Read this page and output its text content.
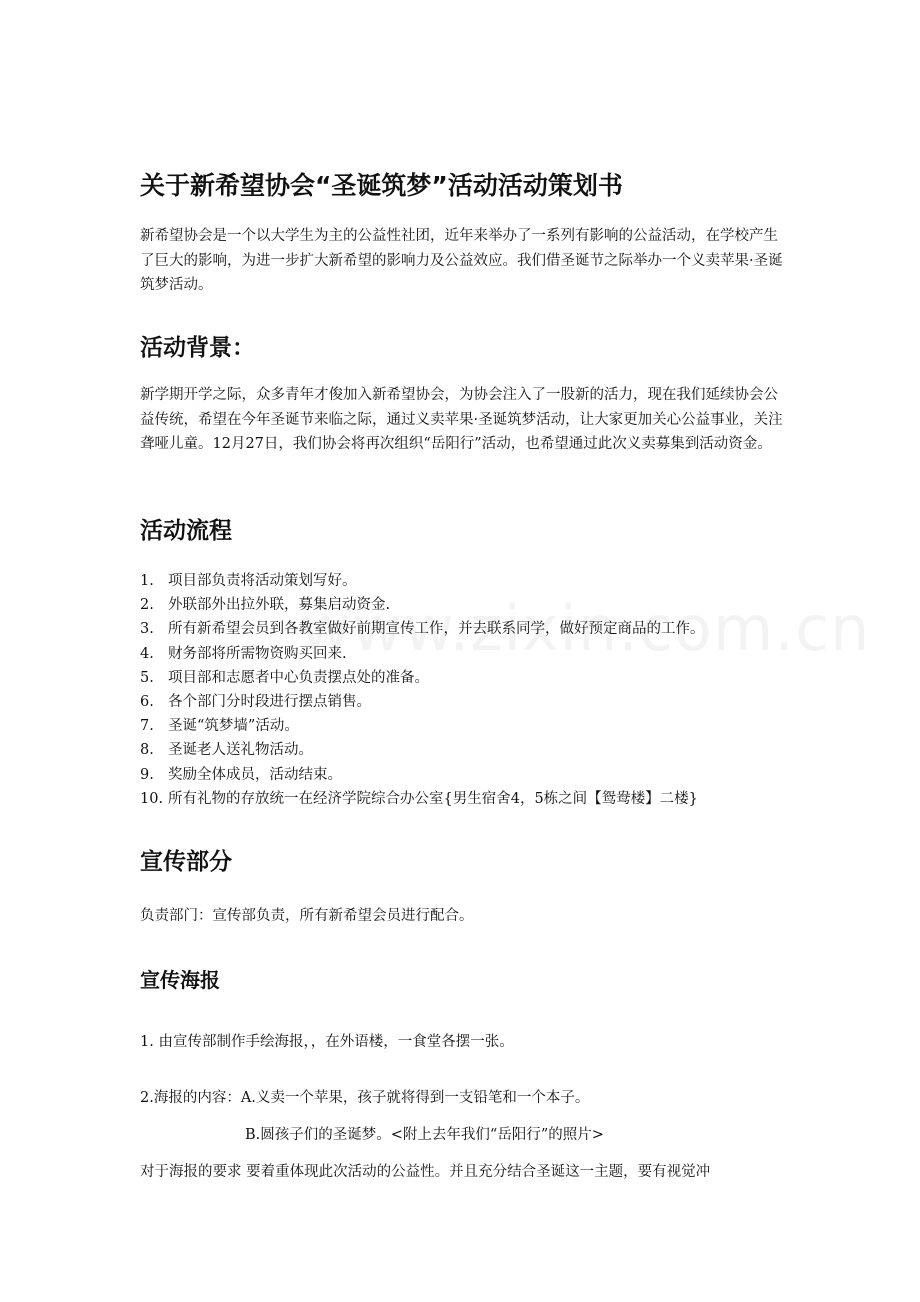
关于新希望协会“圣诞筑梦”活动活动策划书

新希望协会是一个以大学生为主的公益性社团，近年来举办了一系列有影响的公益活动，在学校产生了巨大的影响，为进一步扩大新希望的影响力及公益效应。我们借圣诞节之际举办一个义卖苹果·圣诞筑梦活动。

活动背景：

新学期开学之际，众多青年才俊加入新希望协会，为协会注入了一股新的活力，现在我们延续协会公益传统，希望在今年圣诞节来临之际，通过义卖苹果·圣诞筑梦活动，让大家更加关心公益事业，关注聋哑儿童。12月27日，我们协会将再次组织“岳阳行”活动，也希望通过此次义卖募集到活动资金。

活动流程
1. 项目部负责将活动策划写好。
2. 外联部外出拉外联，募集启动资金.
3. 所有新希望会员到各教室做好前期宣传工作，并去联系同学，做好预定商品的工作。
4. 财务部将所需物资购买回来.
5. 项目部和志愿者中心负责摆点处的准备。
6. 各个部门分时段进行摆点销售。
7. 圣诞“筑梦墙”活动。
8. 圣诞老人送礼物活动。
9. 奖励全体成员，活动结束。
10. 所有礼物的存放统一在经济学院综合办公室{男生宿舍4，5栋之间【鸳鸯楼】二楼}
宣传部分

负责部门：宣传部负责，所有新希望会员进行配合。

宣传海报

1. 由宣传部制作手绘海报，，在外语楼，一食堂各摆一张。

2.海报的内容：A.义卖一个苹果，孩子就将得到一支铅笔和一个本子。

B.圆孩子们的圣诞梦。<附上去年我们“岳阳行”的照片>

对于海报的要求 要着重体现此次活动的公益性。并且充分结合圣诞这一主题，要有视觉冲
